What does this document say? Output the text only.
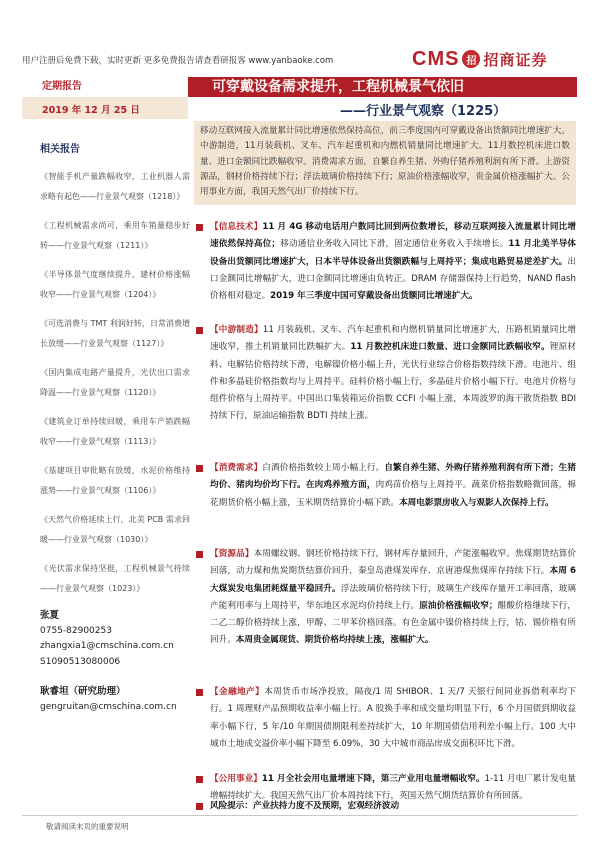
用户注册后免费下载，实时更新 更多免费报告请查看研报客 www.yanbaoke.com	CMS 招 招商证券
定期报告	可穿戴设备需求提升，工程机械景气依旧
2019 年 12 月 25 日	——行业景气观察（1225）
相关报告
《智能手机产量跌幅收窄，工业机器人需求略有起色——行业景气观察（1218）》
《工程机械需求尚可，乘用车销量稳步好转——行业景气观察（1211）》
《半导体景气度继续提升，建材价格涨幅收窄——行业景气观察（1204）》
《可选消费与 TMT 利润好转，日常消费增长放缓——行业景气观察（1127）》
《国内集成电路产量提升，光伏出口需求降温——行业景气观察（1120）》
《建筑业订单持续回暖，乘用车产销跌幅收窄——行业景气观察（1113）》
《基建项目审批略有放缓，水泥价格维持涨势——行业景气观察（1106）》
《天然气价格延续上行，北美 PCB 需求回暖——行业景气观察（1030）》
《光伏需求保持坚挺，工程机械景气持续——行业景气观察（1023）》
张夏
0755-82900253
zhangxia1@cmschina.com.cn
S1090513080006
耿睿坦（研究助理）
gengruitan@cmschina.com.cn
移动互联网接入流量累计同比增速依然保持高位，前三季度国内可穿戴设备出货额同比增速扩大。中游制造，11月装载机、叉车、汽车起重机和内燃机销量同比增速扩大。11月数控机床进口数量、进口金额同比跌幅收窄。消费需求方面，自繁自养生猪、外购仔猪养殖利润有所下滑。上游资源品，钢材价格持续下行；浮法玻璃价格持续下行；原油价格涨幅收窄，贵金属价格涨幅扩大。公用事业方面，我国天然气出厂价持续下行。
【信息技术】11 月 4G 移动电话用户数同比回到两位数增长，移动互联网接入流量累计同比增速依然保持高位；移动通信业务收入同比下滑，固定通信业务收入手续增长。11 月北美半导体设备出货额同比增速扩大，日本半导体设备出货额跌幅与上周持平；集成电路贸易逆差扩大。出口金额同比增幅扩大，进口金额同比增速由负转正。DRAM 存储器保持上行趋势，NAND flash 价格相对稳定。2019 年三季度中国可穿戴设备出货额同比增速扩大。
【中游制造】11 月装载机、叉车、汽车起重机和内燃机销量同比增速扩大，压路机销量同比增速收窄，推土机销量同比跌幅扩大。11 月数控机床进口数量、进口金额同比跌幅收窄。锂原材料、电解钴价格持续下滑，电解镍价格小幅上升，光伏行业综合价格指数持续下滑。电池片、组件和多晶硅价格指数均与上周持平。硅料价格小幅上行，多晶硅片价格小幅下行。电池片价格与组件价格与上周持平。中国出口集装箱运价指数 CCFI 小幅上涨，本周波罗的海干散货指数 BDI 持续下行，原油运输指数 BDTI 持续上涨。
【消费需求】白酒价格指数较上周小幅上行。自繁自养生猪、外购仔猪养殖利润有所下滑；生猪均价、猪肉均价均下行。在肉鸡养殖方面，肉鸡苗价格与上周持平。蔬菜价格指数略微回落，棉花期货价格小幅上涨，玉米期货结算价小幅下跌。本周电影票房收入与观影人次保持上行。
【资源品】本周螺纹钢、钢坯价格持续下行，钢材库存量回升，产能涨幅收窄。焦煤期货结算价回落，动力煤和焦炭期货结算价回升，秦皇岛港煤炭库存、京唐港煤焦煤库存持续下行。本周 6 大煤炭发电集团耗煤量平稳回升。浮法玻璃价格持续下行，玻璃生产线库存量开工率回落，玻璃产能利用率与上周持平，华东地区水泥均价持续上行。原油价格涨幅收窄；醋酸价格继续下行，二乙二醇价格持续上涨，甲醇、二甲苯价格回落。有色金属中镍价格持续上行，钴、锡价格有所回升。本周贵金属现货、期货价格均持续上涨，涨幅扩大。
【金融地产】本周货币市场净投放，隔夜/1 周 SHIBOR、1 天/7 天银行间同业拆借利率均下行。1 周理财产品预期收益率小幅上行。A 股换手率和成交量均明显下行，6 个月国债到期收益率小幅下行，5 年/10 年期国债期限利差持续扩大，10 年期国债信用利差小幅上行。100 大中城市土地成交溢价率小幅下降至 6.09%，30 大中城市商品房成交面积环比下滑。
【公用事业】11 月全社会用电量增速下降，第三产业用电量增幅收窄。1-11 月电厂累计发电量增幅持续扩大。我国天然气出厂价本周持续下行，英国天然气期货结算价有所回落。
风险提示：产业扶持力度不及预期，宏观经济波动
敬请阅读末页的重要说明
